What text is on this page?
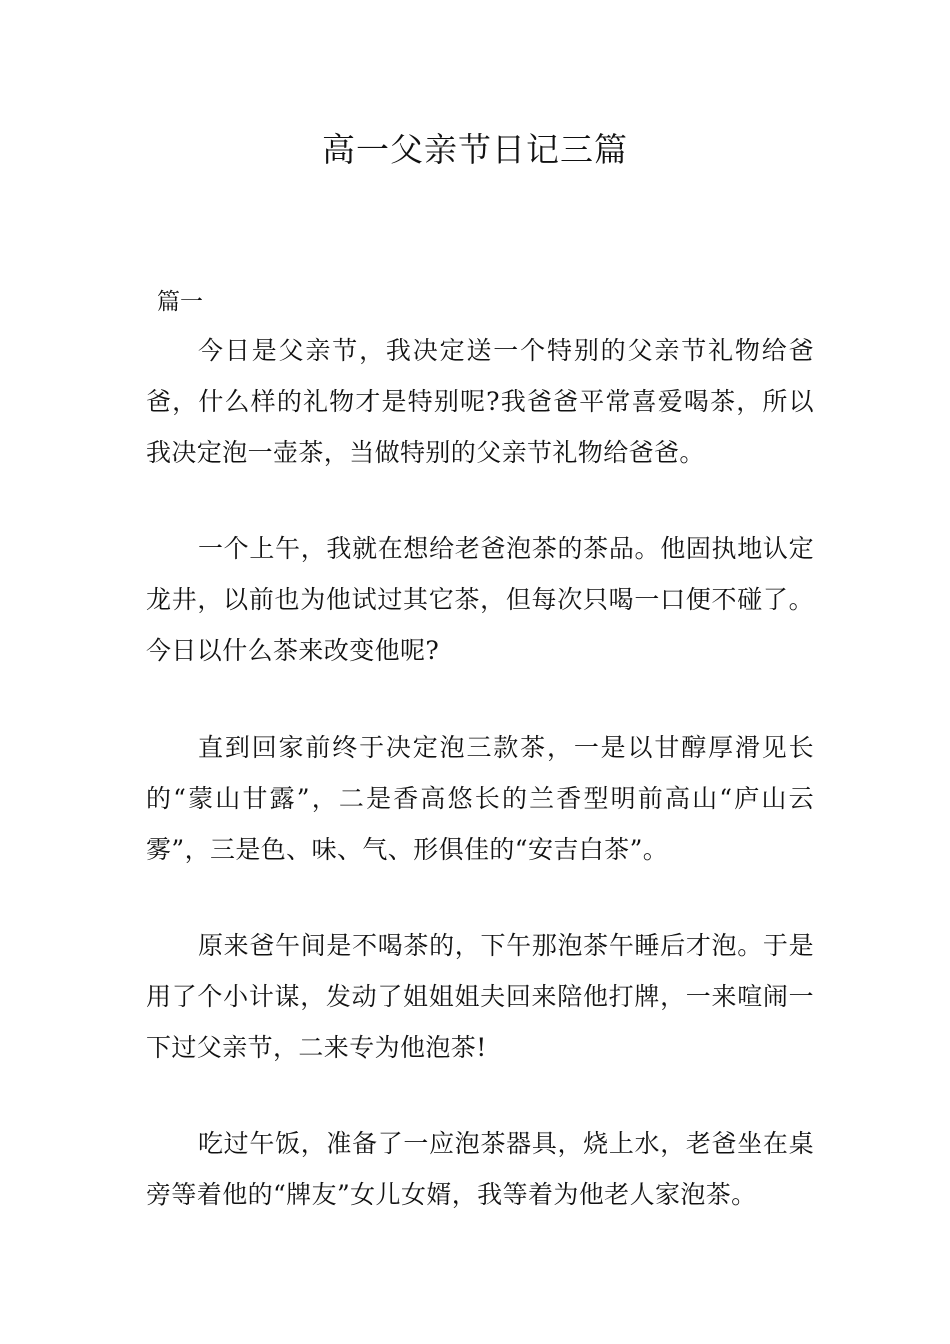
高一父亲节日记三篇
篇一

今日是父亲节，我决定送一个特别的父亲节礼物给爸爸，什么样的礼物才是特别呢?我爸爸平常喜爱喝茶，所以我决定泡一壶茶，当做特别的父亲节礼物给爸爸。

一个上午，我就在想给老爸泡茶的茶品。他固执地认定龙井，以前也为他试过其它茶，但每次只喝一口便不碰了。今日以什么茶来改变他呢?

直到回家前终于决定泡三款茶，一是以甘醇厚滑见长的“蒙山甘露”，二是香高悠长的兰香型明前高山“庐山云雾”，三是色、味、气、形俱佳的“安吉白茶”。

原来爸午间是不喝茶的，下午那泡茶午睡后才泡。于是用了个小计谋，发动了姐姐姐夫回来陪他打牌，一来喧闹一下过父亲节，二来专为他泡茶!

吃过午饭，准备了一应泡茶器具，烧上水，老爸坐在桌旁等着他的“牌友”女儿女婿，我等着为他老人家泡茶。
